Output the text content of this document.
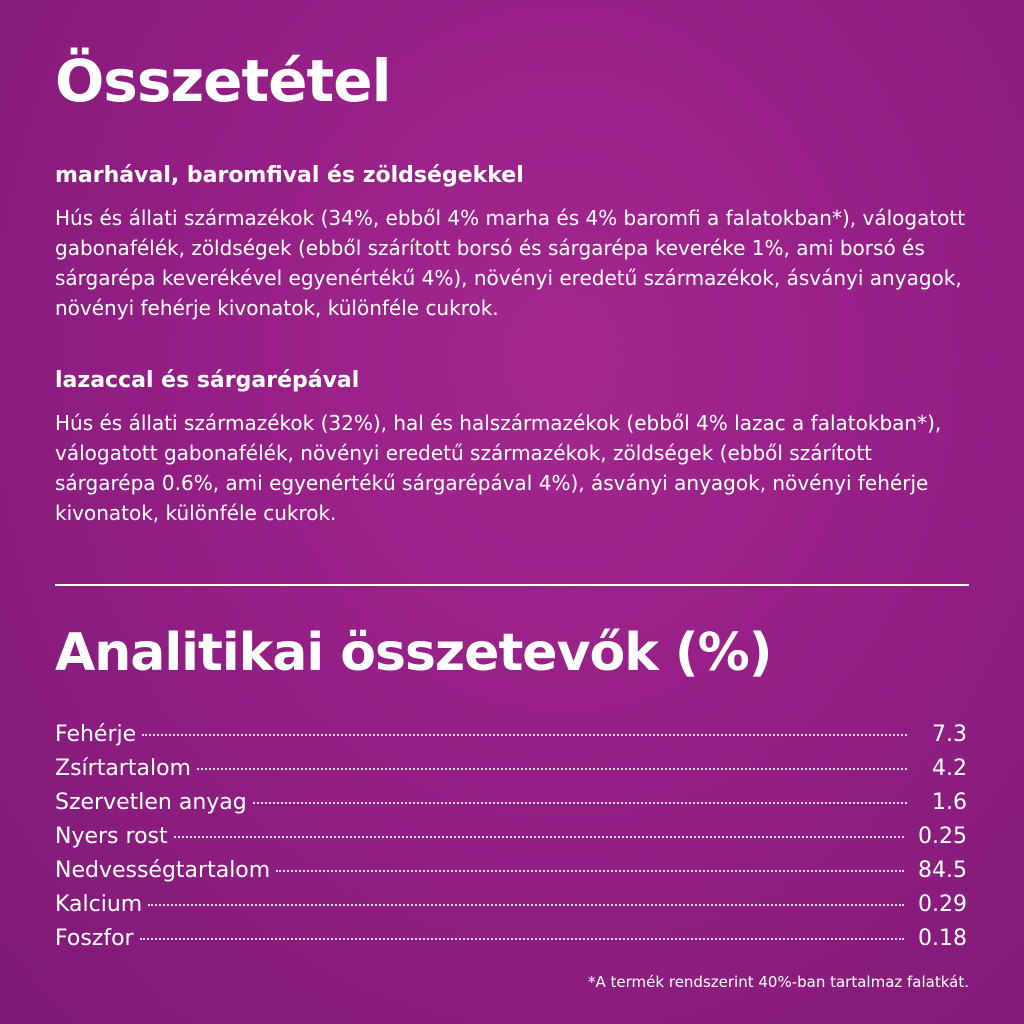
Összetétel
marhával, baromfival és zöldségekkel

Hús és állati származékok (34%, ebből 4% marha és 4% baromfi a falatokban*), válogatott gabonafélék, zöldségek (ebből szárított borsó és sárgarépa keveréke 1%, ami borsó és sárgarépa keverékével egyenértékű 4%), növényi eredetű származékok, ásványi anyagok, növényi fehérje kivonatok, különféle cukrok.

lazaccal és sárgarépával

Hús és állati származékok (32%), hal és halszármazékok (ebből 4% lazac a falatokban*), válogatott gabonafélék, növényi eredetű származékok, zöldségek (ebből szárított sárgarépa 0.6%, ami egyenértékű sárgarépával 4%), ásványi anyagok, növényi fehérje kivonatok, különféle cukrok.

Analitikai összetevők (%)
Fehérje	7.3
Zsírtartalom	4.2
Szervetlen anyag	1.6
Nyers rost	0.25
Nedvességtartalom	84.5
Kalcium	0.29
Foszfor	0.18
*A termék rendszerint 40%-ban tartalmaz falatkát.
